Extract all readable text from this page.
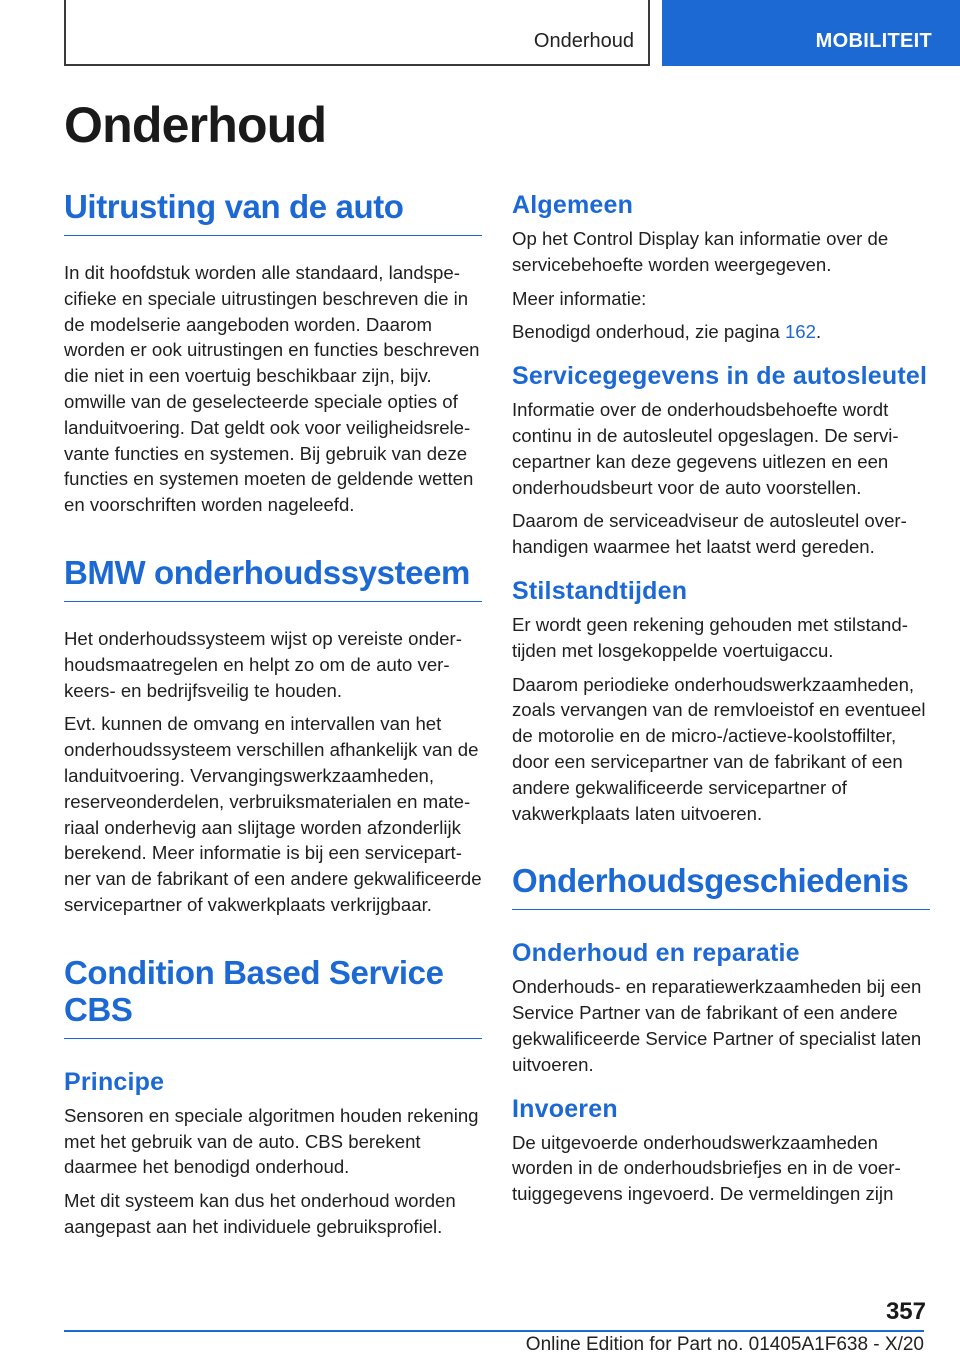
Onderhoud	MOBILITEIT
Onderhoud
Uitrusting van de auto

In dit hoofdstuk worden alle standaard, landspecifieke en speciale uitrustingen beschreven die in de modelserie aangeboden worden. Daarom worden er ook uitrustingen en functies beschreven die niet in een voertuig beschikbaar zijn, bijv. omwille van de geselecteerde speciale opties of landuitvoering. Dat geldt ook voor veiligheidsrelevante functies en systemen. Bij gebruik van deze functies en systemen moeten de geldende wetten en voorschriften worden nageleefd.

BMW onderhoudssysteem

Het onderhoudssysteem wijst op vereiste onderhoudsmaatregelen en helpt zo om de auto verkeers- en bedrijfsveilig te houden.

Evt. kunnen de omvang en intervallen van het onderhoudssysteem verschillen afhankelijk van de landuitvoering. Vervangingswerkzaamheden, reserveonderdelen, verbruiksmaterialen en materiaal onderhevig aan slijtage worden afzonderlijk berekend. Meer informatie is bij een servicepartner van de fabrikant of een andere gekwalificeerde servicepartner of vakwerkplaats verkrijgbaar.

Condition Based Service CBS
Principe

Sensoren en speciale algoritmen houden rekening met het gebruik van de auto. CBS berekent daarmee het benodigd onderhoud.

Met dit systeem kan dus het onderhoud worden aangepast aan het individuele gebruiksprofiel.

Algemeen

Op het Control Display kan informatie over de servicebehoefte worden weergegeven.

Meer informatie:

Benodigd onderhoud, zie pagina 162.

Servicegegevens in de autosleutel

Informatie over de onderhoudsbehoefte wordt continu in de autosleutel opgeslagen. De servicepartner kan deze gegevens uitlezen en een onderhoudsbeurt voor de auto voorstellen.

Daarom de serviceadviseur de autosleutel overhandigen waarmee het laatst werd gereden.

Stilstandtijden

Er wordt geen rekening gehouden met stilstandtijden met losgekoppelde voertuigaccu.

Daarom periodieke onderhoudswerkzaamheden, zoals vervangen van de remvloeistof en eventueel de motorolie en de micro-/actieve-koolstoffilter, door een servicepartner van de fabrikant of een andere gekwalificeerde servicepartner of vakwerkplaats laten uitvoeren.

Onderhoudsgeschiedenis
Onderhoud en reparatie

Onderhouds- en reparatiewerkzaamheden bij een Service Partner van de fabrikant of een andere gekwalificeerde Service Partner of specialist laten uitvoeren.

Invoeren

De uitgevoerde onderhoudswerkzaamheden worden in de onderhoudsbriefjes en in de voertuiggegevens ingevoerd. De vermeldingen zijn

357
Online Edition for Part no. 01405A1F638 - X/20
